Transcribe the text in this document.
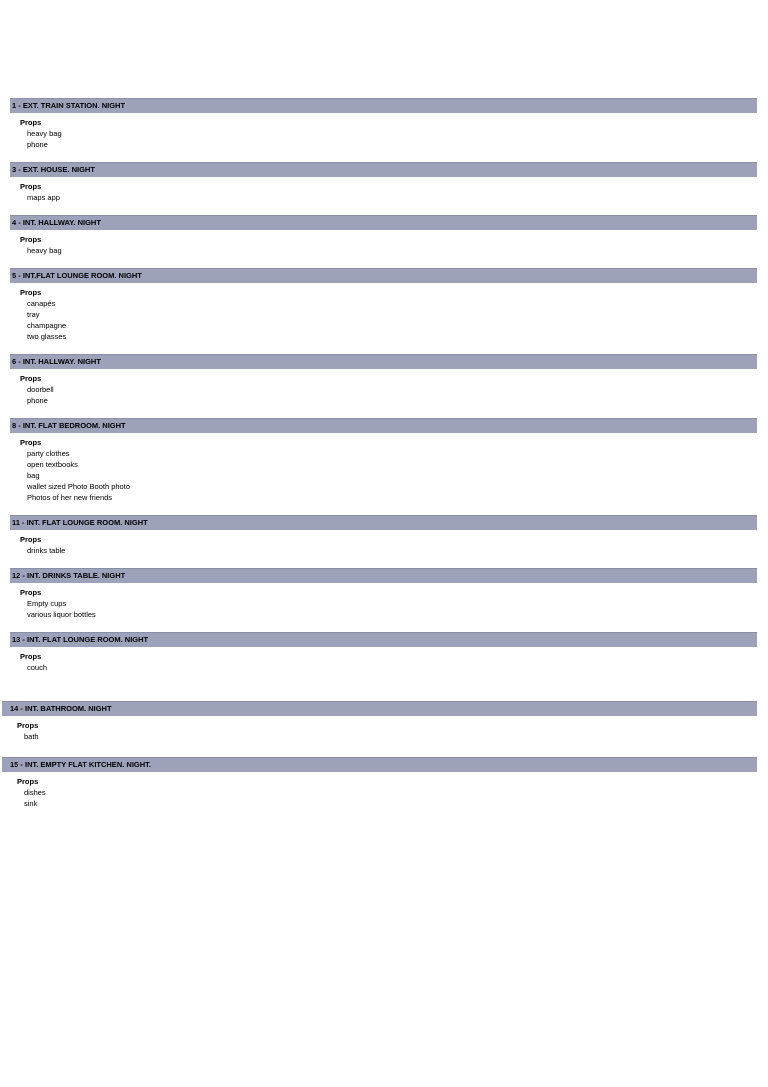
1 - EXT. TRAIN STATION. NIGHT
Props
heavy bag
phone
3 - EXT. HOUSE. NIGHT
Props
maps app
4 - INT. HALLWAY. NIGHT
Props
heavy bag
5 - INT.FLAT LOUNGE ROOM. NIGHT
Props
canapés
tray
champagne
two glasses
6 - INT. HALLWAY. NIGHT
Props
doorbell
phone
8 - INT. FLAT BEDROOM. NIGHT
Props
party clothes
open textbooks
bag
wallet sized Photo Booth photo
Photos of her new friends
11 - INT. FLAT LOUNGE ROOM. NIGHT
Props
drinks table
12 - INT. DRINKS TABLE. NIGHT
Props
Empty cups
various liquor bottles
13 - INT. FLAT LOUNGE ROOM. NIGHT
Props
couch
14 - INT. BATHROOM. NIGHT
Props
bath
15 - INT. EMPTY FLAT KITCHEN. NIGHT.
Props
dishes
sink
